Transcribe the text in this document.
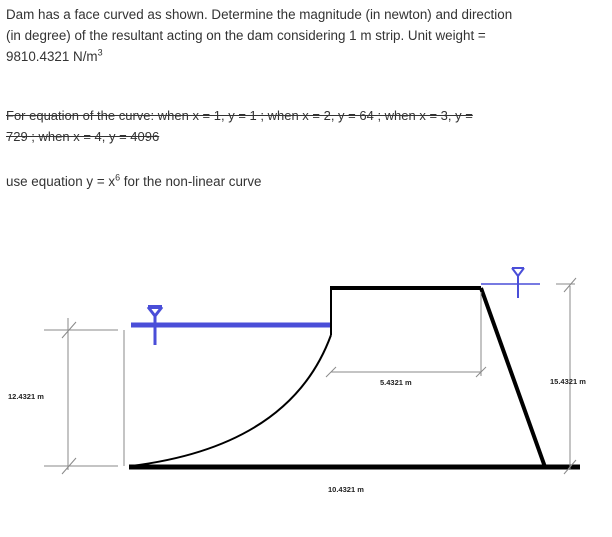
Dam has a face curved as shown. Determine the magnitude (in newton) and direction
(in degree) of the resultant acting on the dam considering 1 m strip. Unit weight =
9810.4321 $N/m^3$

For equation of the curve: when x = 1, y = 1 ; when x = 2, y = 64 ; when x = 3, y =
729 ; when x = 4, y = 4096

use equation $y = x^6$ for the non-linear curve

12.4321 m
5.4321 m	15.4321 m
10.4321 m
